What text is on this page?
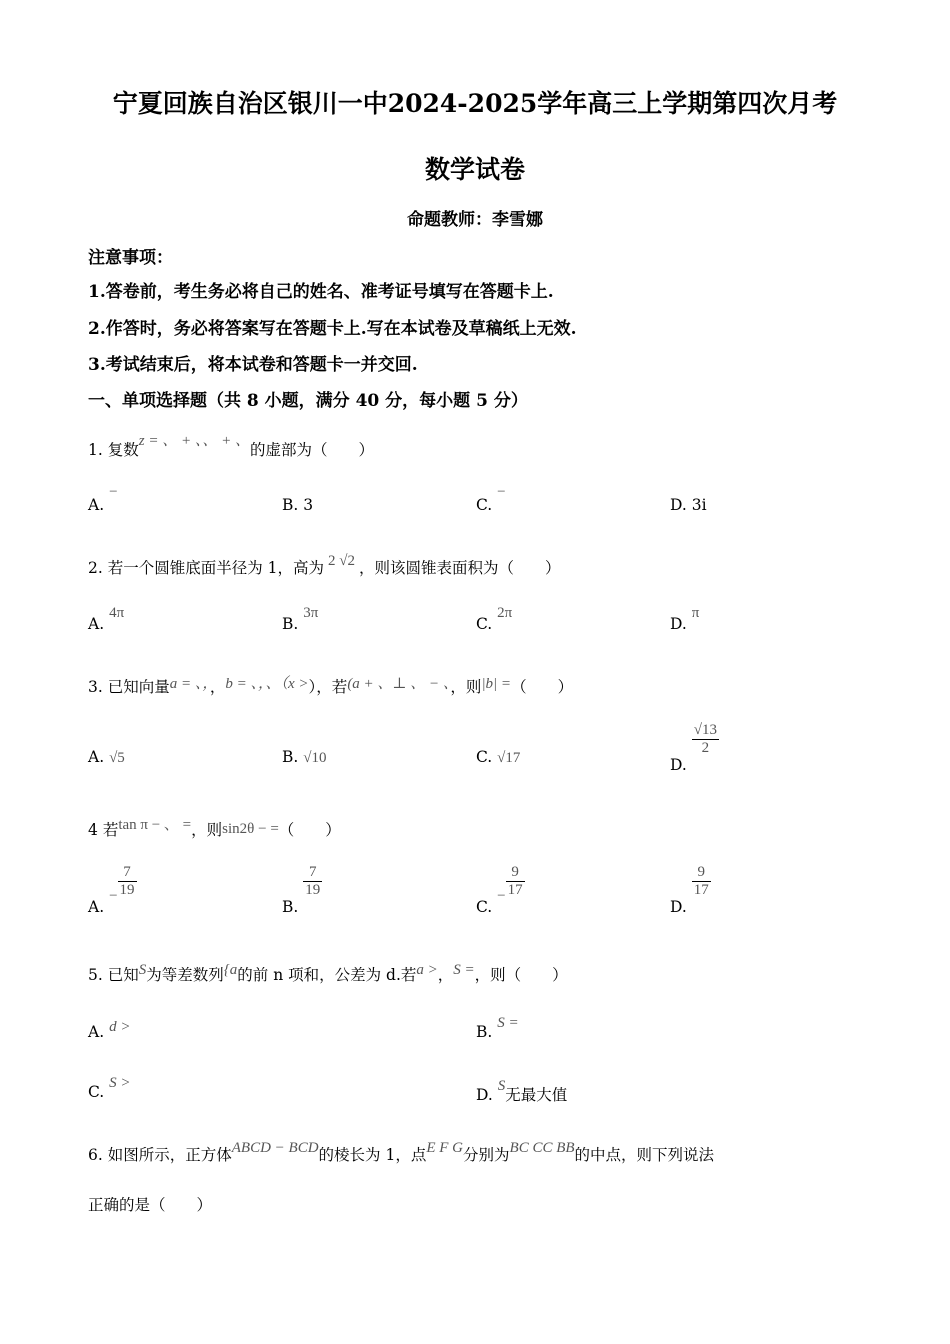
宁夏回族自治区银川一中2024-2025学年高三上学期第四次月考
数学试卷
命题教师：李雪娜
注意事项：
1.答卷前，考生务必将自己的姓名、准考证号填写在答题卡上.
2.作答时，务必将答案写在答题卡上.写在本试卷及草稿纸上无效.
3.考试结束后，将本试卷和答题卡一并交回.
一、单项选择题（共 8 小题，满分 40 分，每小题 5 分）
1. 复数z = 、 + 、、 + 、的虚部为（　　）
A. −
B. 3	C. −
D. 3i
2. 若一个圆锥底面半径为 1，高为 2 √2 ，则该圆锥表面积为（　　）
A. 4π
B. 3π
C. 2π
D. π
3. 已知向量a = 、，，b = 、，、（x >），若(a + 、⊥ 、 − 、，则|b| =（　　）
A. √5	B. √10	C. √17	D.
$\frac{√13}{2}$
4 若tan π − 、 =，则sin2θ − =（　　）
A. − $\frac{7}{19}$
B.
$\frac{7}{19}$
C. − $\frac{9}{17}$
D.
$\frac{9}{17}$
5. 已知S为等差数列{a的前 n 项和，公差为 d.若a >，S =，则（　　）
A. d >	B. S =
C. S >
D. S无最大值
6. 如图所示，正方体ABCD − BCD的棱长为 1，点E F G分别为BC CC BB的中点，则下列说法
正确的是（　　）
